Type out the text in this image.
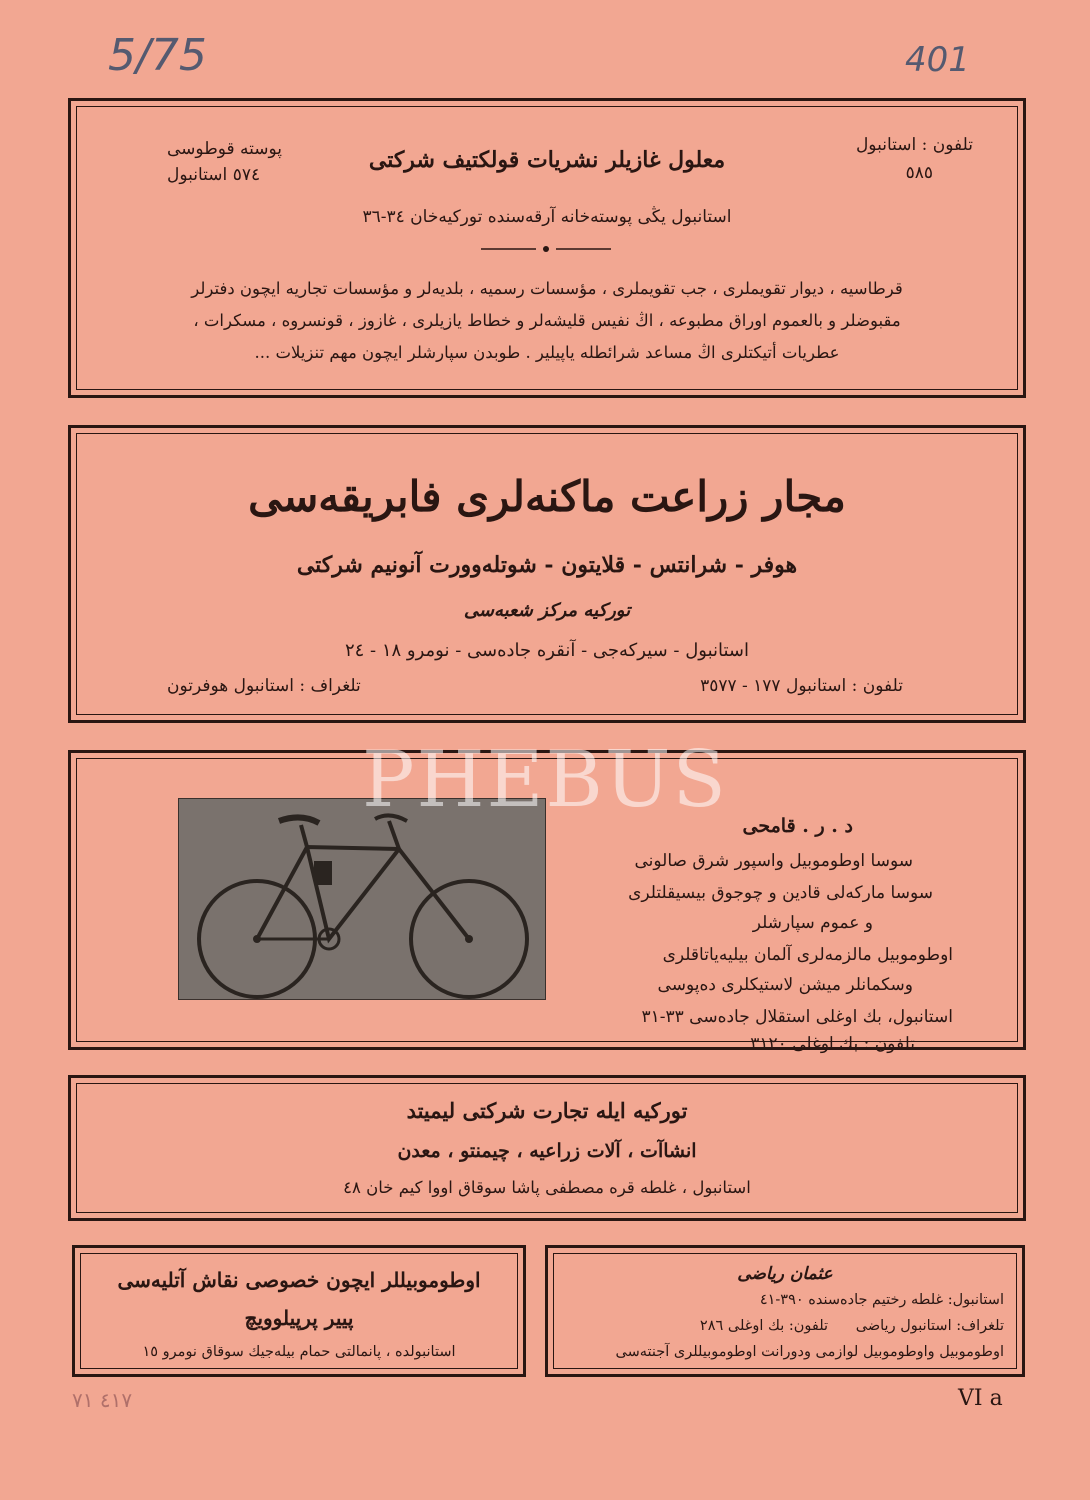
5/75	401
تلفون : استانبول
٥٨٥
پوسته قوطوسى
٥٧٤ استانبول
معلول غازيلر نشريات قولكتيف شركتى
استانبول يڭى پوسته‌خانه آرقه‌سنده توركيه‌خان ٣٤-٣٦
قرطاسيه ، ديوار تقويملرى ، جب تقويملرى ، مؤسسات رسميه ، بلديه‌لر و مؤسسات تجاريه ايچون دفترلر
مقبوضلر و بالعموم اوراق مطبوعه ، اڭ نفيس قليشه‌لر و خطاط يازيلرى ، غازوز ، قونسروه ، مسكرات ،
عطريات أتيكتلرى اڭ مساعد شرائطله ياپيلير . طوبدن سپارشلر ايچون مهم تنزيلات ...
مجار زراعت ماكنه‌لرى فابريقه‌سى
هوفر - شرانتس - قلايتون - شوتله‌وورت آنونيم شركتى
توركيه مركز شعبه‌سى
استانبول - سيركه‌جى - آنقره جاده‌سى - نومرو ١٨ - ٢٤
تلفون : استانبول ١٧٧ - ٣٥٧٧
تلغراف : استانبول هوفرتون
د . ر . قامحى
سوسا اوطوموبيل واسپور شرق صالونى
سوسا ماركه‌لى قادين و چوجوق بيسيقلتلرى
و عموم سپارشلر
اوطوموبيل مالزمه‌لرى آلمان بيليه‌ياتاقلرى
وسكمانلر ميشن لاستيكلرى ده‌پوسى
استانبول، بك اوغلى استقلال جاده‌سى ٣٣-٣١
تلفون : بك اوغلى ٣١٢٠
توركيه ايله تجارت شركتى ليميتد
انشاآت ، آلات زراعيه ، چيمنتو ، معدن
استانبول ، غلطه قره مصطفى پاشا سوقاق اووا كيم خان ٤٨
اوطوموبيللر ايچون خصوصى نقاش آتليه‌سى
پيير پرپيلوويچ
استانبولده ، پانمالتى حمام بيله‌جيك سوقاق نومرو ١٥
عثمان رياضى
استانبول: غلطه رختيم جاده‌سنده ٣٩٠-٤١
تلغراف: استانبول رياضى      تلفون: بك اوغلى ٢٨٦
اوطوموبيل واوطوموبيل لوازمى ودورانت اوطوموبيللرى آجنته‌سى
٤١٧ ٧١	VI a
PHEBUS
